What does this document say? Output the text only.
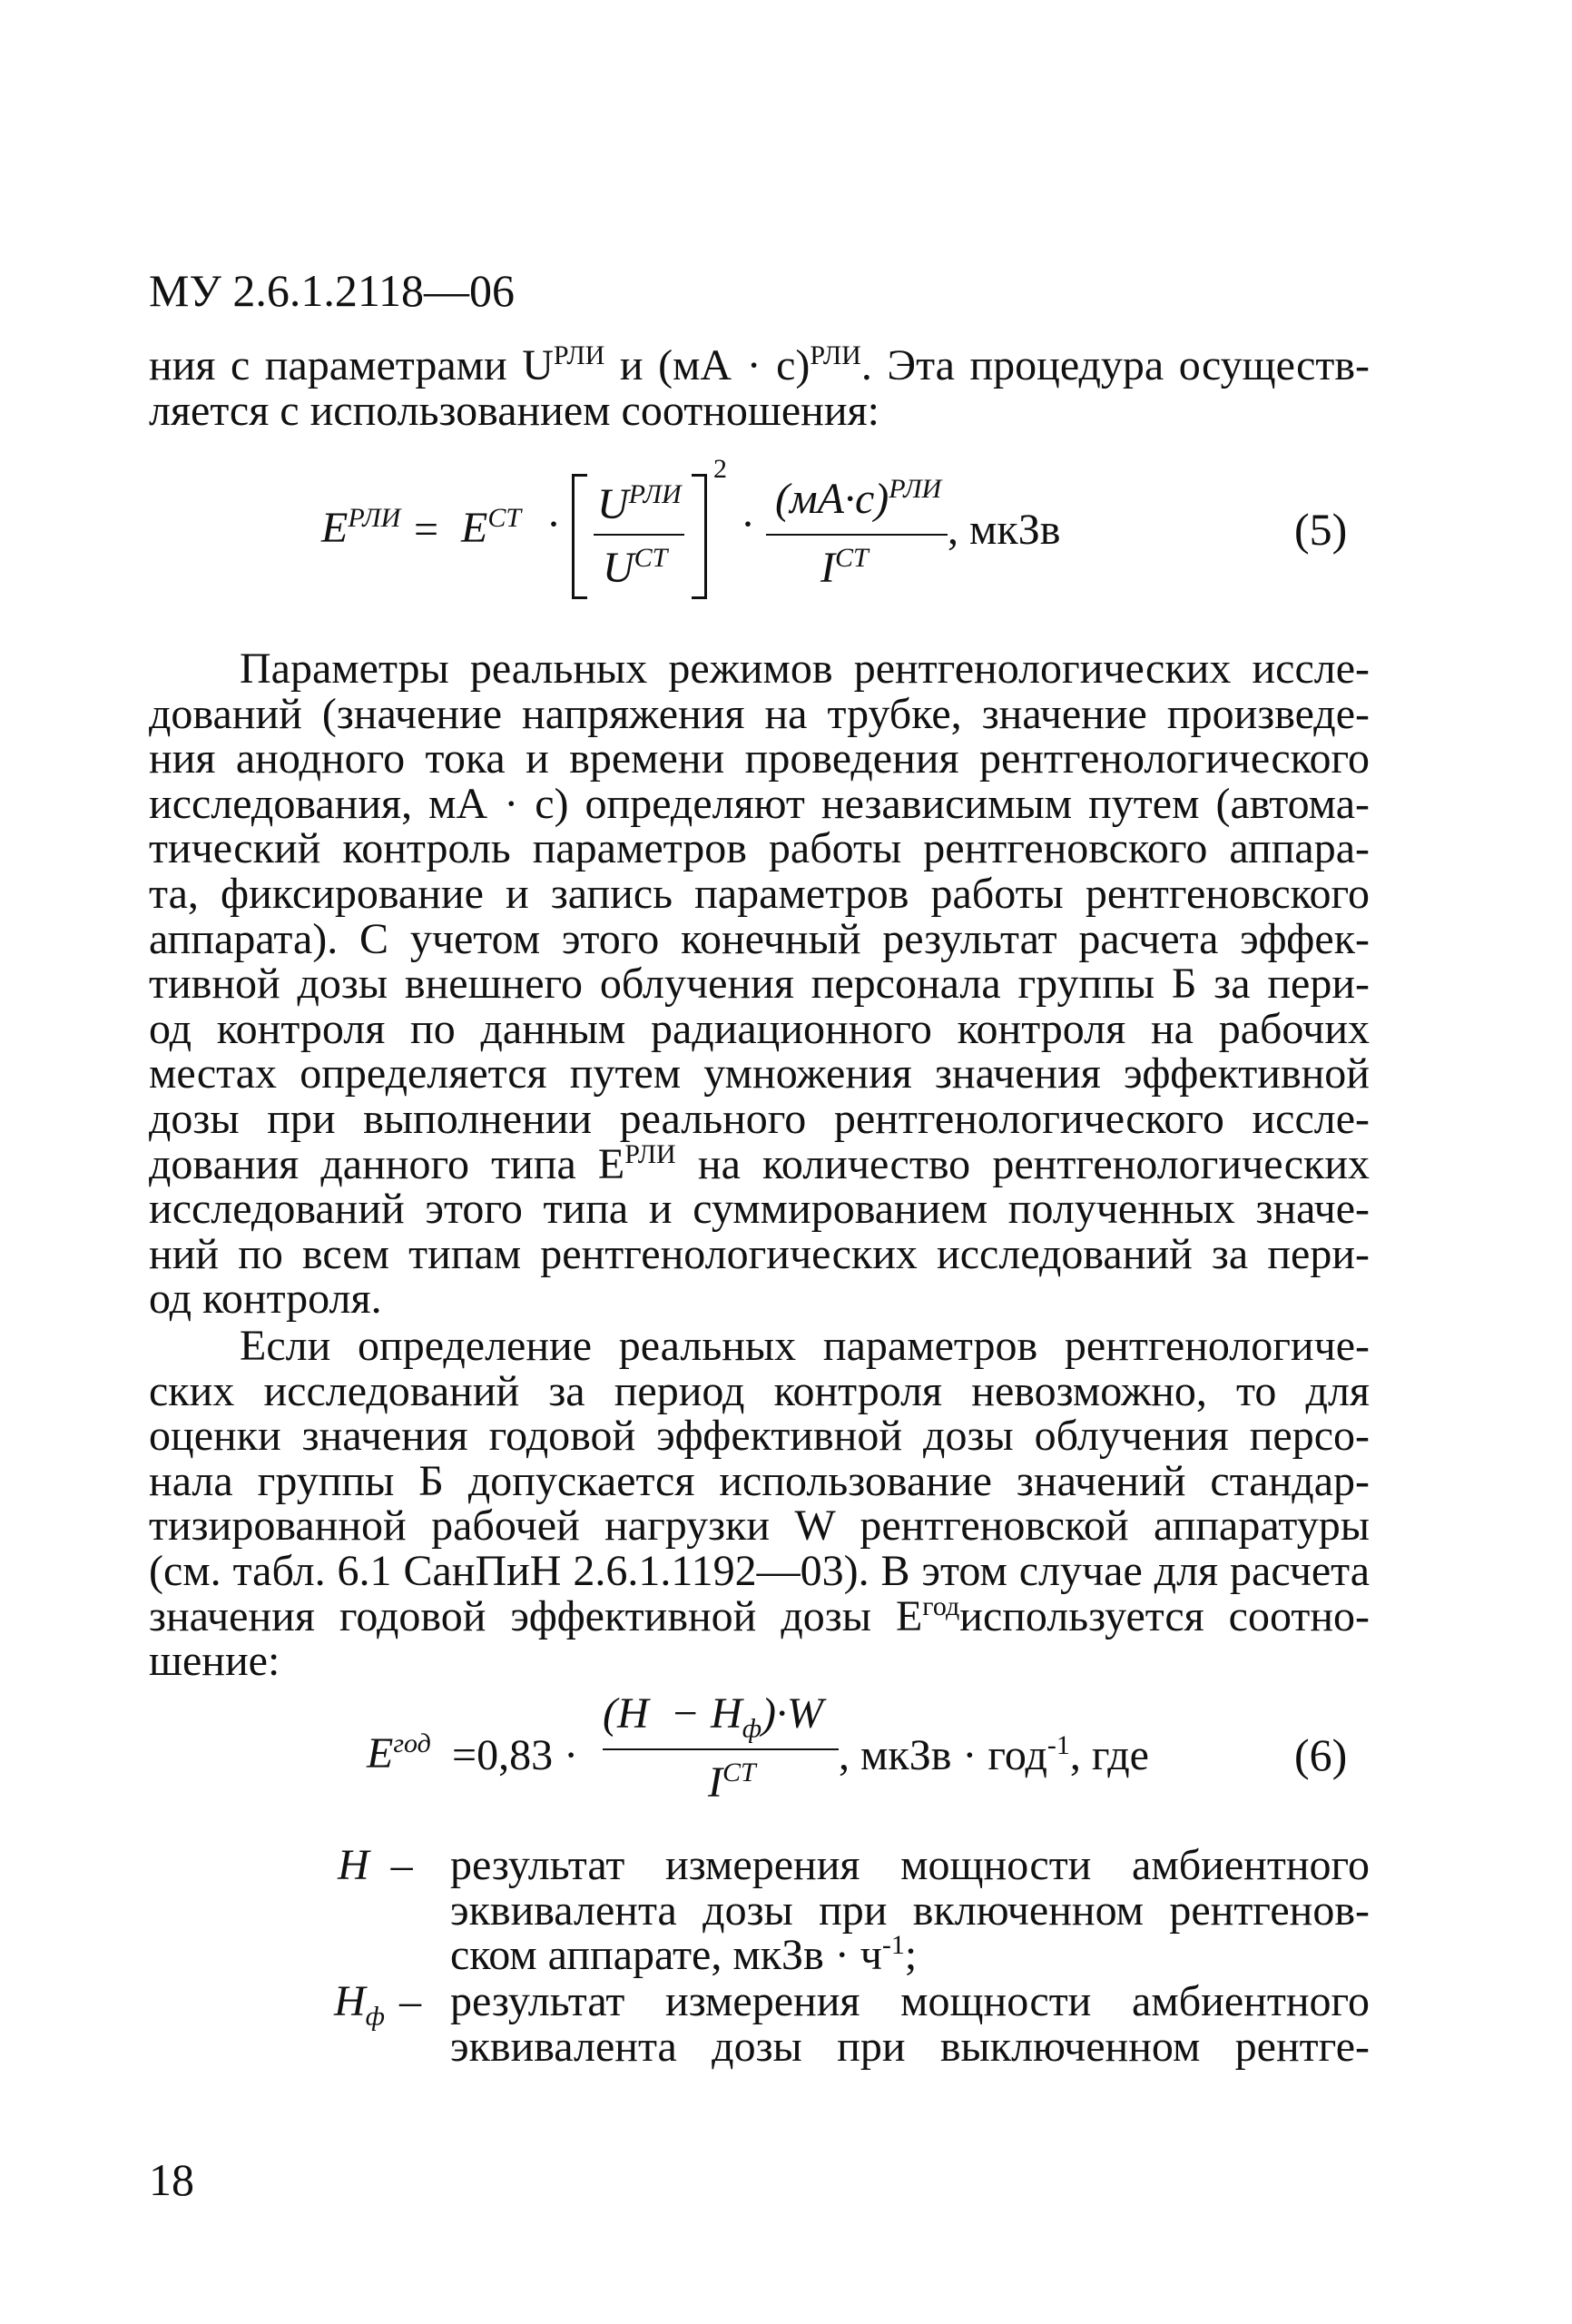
МУ 2.6.1.2118—06
ния с параметрами $U^{РЛИ}$ и (мА · с)$^{РЛИ}$. Эта процедура осуществ-
ляется с использованием соотношения:
$E^{РЛИ} = E^{СТ}$ ·
2
$U^{РЛИ}$
$U^{СТ}$
·
$(мА\cdot с)^{РЛИ}$
$I^{СТ}$
, мкЗв	(5)
Параметры реальных режимов рентгенологических иссле-
дований (значение напряжения на трубке, значение произведе-
ния анодного тока и времени проведения рентгенологического
исследования, мА · с) определяют независимым путем (автома-
тический контроль параметров работы рентгеновского аппара-
та, фиксирование и запись параметров работы рентгеновского
аппарата). С учетом этого конечный результат расчета эффек-
тивной дозы внешнего облучения персонала группы Б за пери-
од контроля по данным радиационного контроля на рабочих
местах определяется путем умножения значения эффективной
дозы при выполнении реального рентгенологического иссле-
дования данного типа $Е^{РЛИ}$ на количество рентгенологических
исследований этого типа и суммированием полученных значе-
ний по всем типам рентгенологических исследований за пери-
од контроля.
Если определение реальных параметров рентгенологиче-
ских исследований за период контроля невозможно, то для
оценки значения годовой эффективной дозы облучения персо-
нала группы Б допускается использование значений стандар-
тизированной рабочей нагрузки W рентгеновской аппаратуры
(см. табл. 6.1 СанПиН 2.6.1.1192—03). В этом случае для расчета
значения годовой эффективной дозы $Е^{год}используется$ соотно-
шение:
$E^{год} =0,83$ ·
$(H - H_ф)\cdot W$
$I^{СТ}$ , мкЗв · год$^{-1}$, где	(6)
H – результат измерения мощности амбиентного
эквивалента дозы при включенном рентгенов-
ском аппарате, мкЗв · $ч^{-1}$;
$H_ф$ – результат измерения мощности амбиентного
эквивалента дозы при выключенном рентге-
18
